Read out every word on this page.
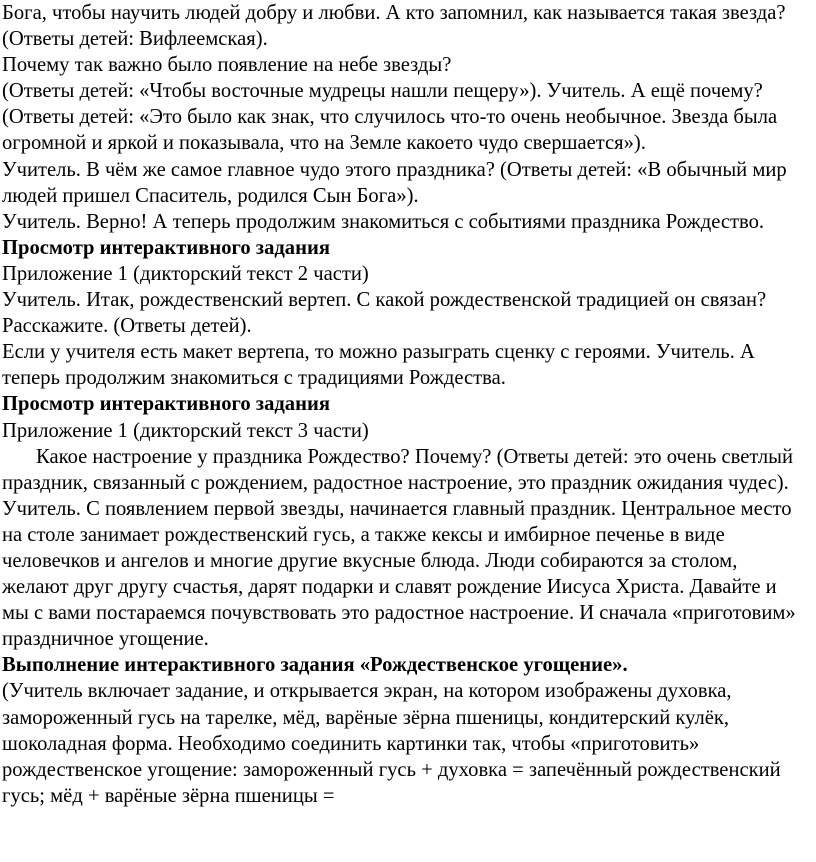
Бога, чтобы научить людей добру и любви. А кто запомнил, как называется такая звезда?
(Ответы детей: Вифлеемская).

Почему так важно было появление на небе звезды?

(Ответы детей: «Чтобы восточные мудрецы нашли пещеру»). Учитель. А ещё почему?

(Ответы детей: «Это было как знак, что случилось что-то очень необычное. Звезда была
огромной и яркой и показывала, что на Земле какоето чудо свершается»).

Учитель. В чём же самое главное чудо этого праздника? (Ответы детей: «В обычный мир
людей пришел Спаситель, родился Сын Бога»).

Учитель. Верно! А теперь продолжим знакомиться с событиями праздника Рождество.

Просмотр интерактивного задания

Приложение 1 (дикторский текст 2 части)

Учитель. Итак, рождественский вертеп. С какой рождественской традицией он связан?
Расскажите. (Ответы детей).

Если у учителя есть макет вертепа, то можно разыграть сценку с героями. Учитель. А
теперь продолжим знакомиться с традициями Рождества.

Просмотр интерактивного задания

Приложение 1 (дикторский текст 3 части)

Какое настроение у праздника Рождество? Почему? (Ответы детей: это очень светлый
праздник, связанный с рождением, радостное настроение, это праздник ожидания чудес).
Учитель. С появлением первой звезды, начинается главный праздник. Центральное место
на столе занимает рождественский гусь, а также кексы и имбирное печенье в виде
человечков и ангелов и многие другие вкусные блюда. Люди собираются за столом,
желают друг другу счастья, дарят подарки и славят рождение Иисуса Христа. Давайте и
мы с вами постараемся почувствовать это радостное настроение. И сначала «приготовим»
праздничное угощение.

Выполнение интерактивного задания «Рождественское угощение».

(Учитель включает задание, и открывается экран, на котором изображены духовка,
замороженный гусь на тарелке, мёд, варёные зёрна пшеницы, кондитерский кулёк,
шоколадная форма. Необходимо соединить картинки так, чтобы «приготовить»
рождественское угощение: замороженный гусь + духовка = запечённый рождественский
гусь; мёд + варёные зёрна пшеницы =
